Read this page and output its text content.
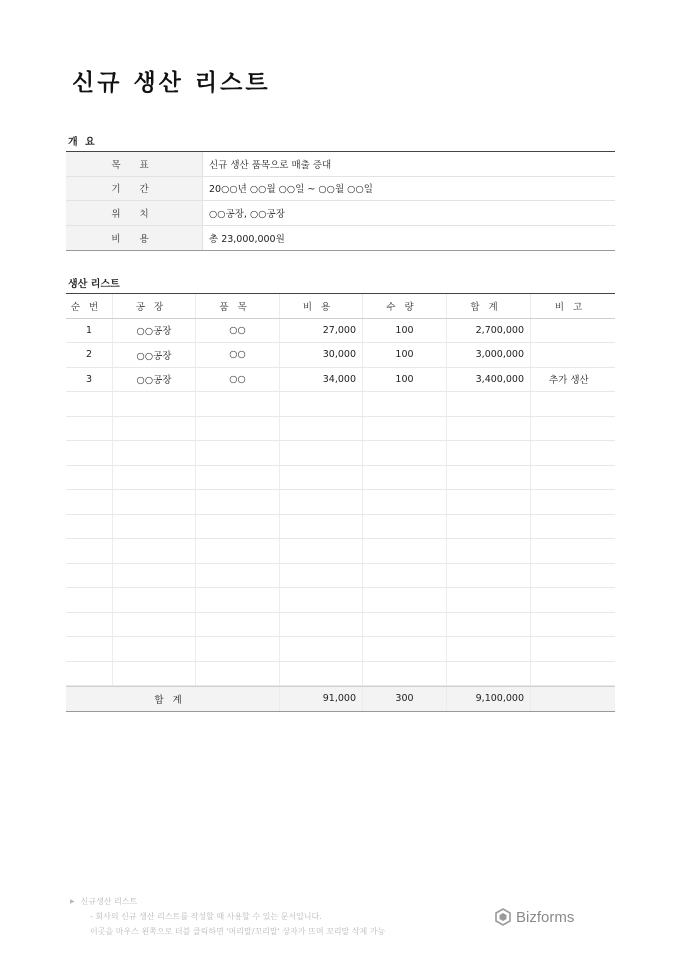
신규 생산 리스트
개 요
목 표	신규 생산 품목으로 매출 증대
기 간	20○○년 ○○월 ○○일 ~ ○○월 ○○일
위 치	○○공장, ○○공장
비 용	총 23,000,000원
생산 리스트
순번	공장	품목	비용	수량	합계	비고
1	○○공장	○○	27,000	100	2,700,000
2	○○공장	○○	30,000	100	3,000,000
3	○○공장	○○	34,000	100	3,400,000	추가 생산
합계	91,000	300	9,100,000
▶ 신규생산 리스트
- 회사의 신규 생산 리스트를 작성할 때 사용할 수 있는 문서입니다.
이곳을 마우스 왼쪽으로 더블 클릭하면 '머리말/꼬리말' 상자가 뜨며 꼬리말 삭제 가능
Bizforms
